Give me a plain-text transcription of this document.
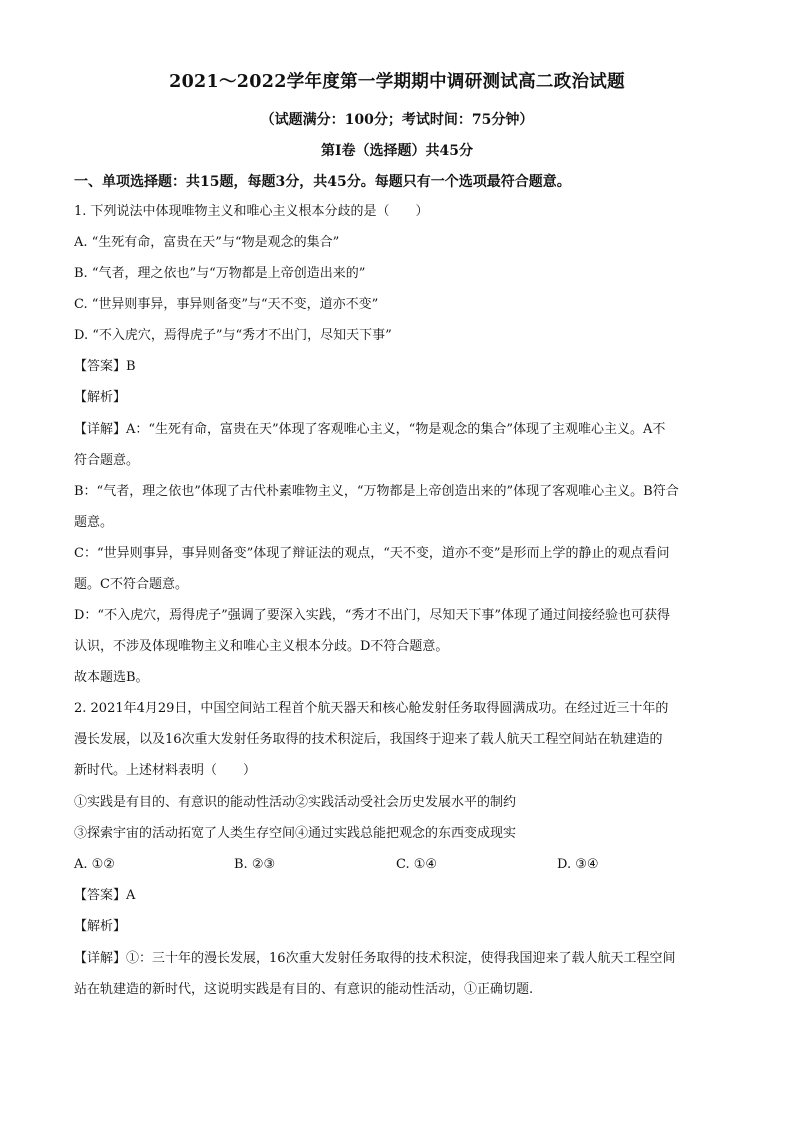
2021～2022学年度第一学期期中调研测试高二政治试题
（试题满分：100分；考试时间：75分钟）
第Ⅰ卷（选择题）共45分
一、单项选择题：共15题，每题3分，共45分。每题只有一个选项最符合题意。
1. 下列说法中体现唯物主义和唯心主义根本分歧的是（　　）
A. “生死有命，富贵在天”与“物是观念的集合”
B. “气者，理之依也”与“万物都是上帝创造出来的”
C. “世异则事异，事异则备变”与“天不变，道亦不变”
D. “不入虎穴，焉得虎子”与“秀才不出门，尽知天下事”
【答案】B
【解析】
【详解】A：“生死有命，富贵在天”体现了客观唯心主义，“物是观念的集合”体现了主观唯心主义。A不
符合题意。
B：“气者，理之依也”体现了古代朴素唯物主义，“万物都是上帝创造出来的”体现了客观唯心主义。B符合
题意。
C：“世异则事异，事异则备变”体现了辩证法的观点，“天不变，道亦不变”是形而上学的静止的观点看问
题。C不符合题意。
D：“不入虎穴，焉得虎子”强调了要深入实践，“秀才不出门，尽知天下事”体现了通过间接经验也可获得
认识，不涉及体现唯物主义和唯心主义根本分歧。D不符合题意。
故本题选B。
2. 2021年4月29日，中国空间站工程首个航天器天和核心舱发射任务取得圆满成功。在经过近三十年的
漫长发展，以及16次重大发射任务取得的技术积淀后，我国终于迎来了载人航天工程空间站在轨建造的
新时代。上述材料表明（　　）
①实践是有目的、有意识的能动性活动②实践活动受社会历史发展水平的制约
③探索宇宙的活动拓宽了人类生存空间④通过实践总能把观念的东西变成现实
A. ①②	B. ②③	C. ①④	D. ③④
【答案】A
【解析】
【详解】①：三十年的漫长发展，16次重大发射任务取得的技术积淀，使得我国迎来了载人航天工程空间
站在轨建造的新时代，这说明实践是有目的、有意识的能动性活动，①正确切题.
